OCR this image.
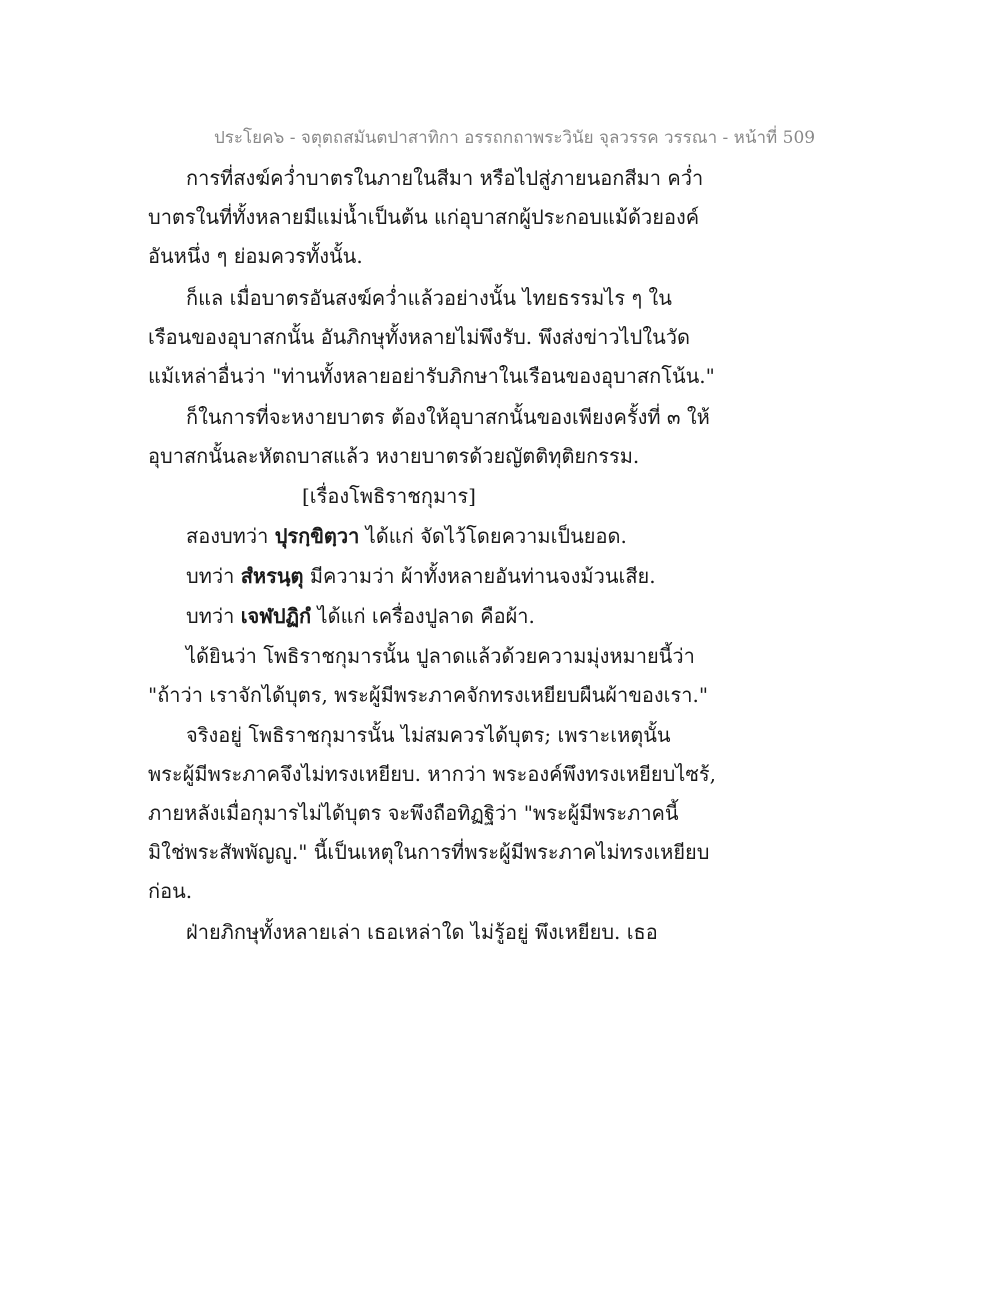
ประโยค๖ - จตุตถสมันตปาสาทิกา อรรถกถาพระวินัย จุลวรรค วรรณา - หน้าที่ 509
การที่สงฆ์คว่ำบาตรในภายในสีมา หรือไปสู่ภายนอกสีมา คว่ำ
บาตรในที่ทั้งหลายมีแม่น้ำเป็นต้น แก่อุบาสกผู้ประกอบแม้ด้วยองค์
อันหนึ่ง ๆ ย่อมควรทั้งนั้น.
ก็แล เมื่อบาตรอันสงฆ์คว่ำแล้วอย่างนั้น ไทยธรรมไร ๆ ใน
เรือนของอุบาสกนั้น อันภิกษุทั้งหลายไม่พึงรับ. พึงส่งข่าวไปในวัด
แม้เหล่าอื่นว่า "ท่านทั้งหลายอย่ารับภิกษาในเรือนของอุบาสกโน้น."
ก็ในการที่จะหงายบาตร ต้องให้อุบาสกนั้นของเพียงครั้งที่ ๓ ให้
อุบาสกนั้นละหัตถบาสแล้ว หงายบาตรด้วยญัตติทุติยกรรม.
[เรื่องโพธิราชกุมาร]
สองบทว่า ปุรกฺขิตฺวา ได้แก่ จัดไว้โดยความเป็นยอด.
บทว่า สํหรนฺตุ มีความว่า ผ้าทั้งหลายอันท่านจงม้วนเสีย.
บทว่า เจฬปฏิกํ ได้แก่ เครื่องปูลาด คือผ้า.
ได้ยินว่า โพธิราชกุมารนั้น ปูลาดแล้วด้วยความมุ่งหมายนี้ว่า
"ถ้าว่า เราจักได้บุตร, พระผู้มีพระภาคจักทรงเหยียบผืนผ้าของเรา."
จริงอยู่ โพธิราชกุมารนั้น ไม่สมควรได้บุตร; เพราะเหตุนั้น
พระผู้มีพระภาคจึงไม่ทรงเหยียบ. หากว่า พระองค์พึงทรงเหยียบไซร้,
ภายหลังเมื่อกุมารไม่ได้บุตร จะพึงถือทิฏฐิว่า "พระผู้มีพระภาคนี้
มิใช่พระสัพพัญญู." นี้เป็นเหตุในการที่พระผู้มีพระภาคไม่ทรงเหยียบ
ก่อน.
ฝ่ายภิกษุทั้งหลายเล่า เธอเหล่าใด ไม่รู้อยู่ พึงเหยียบ. เธอ
